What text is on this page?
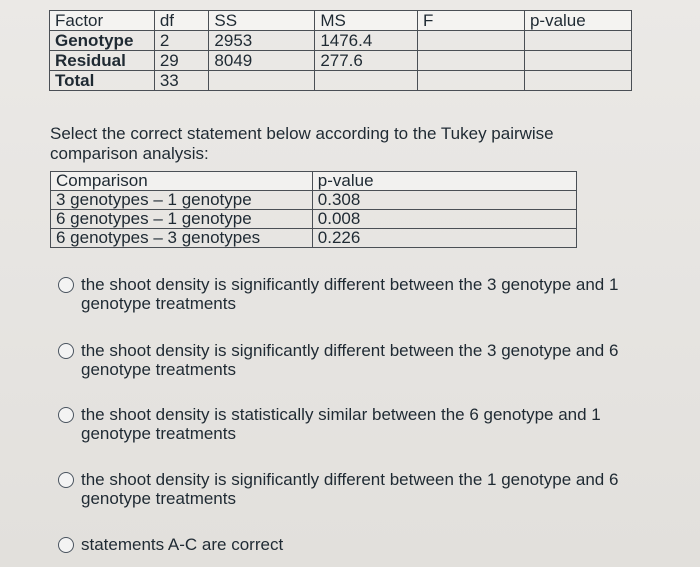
Factor	df	SS	MS	F	p-value
Genotype	2	2953	1476.4		
Residual	29	8049	277.6		
Total	33				
Select the correct statement below according to the Tukey pairwise comparison analysis:
Comparison	p-value
3 genotypes – 1 genotype	0.308
6 genotypes – 1 genotype	0.008
6 genotypes – 3 genotypes	0.226
the shoot density is significantly different between the 3 genotype and 1 genotype treatments
the shoot density is significantly different between the 3 genotype and 6 genotype treatments
the shoot density is statistically similar between the 6 genotype and 1 genotype treatments
the shoot density is significantly different between the 1 genotype and 6 genotype treatments
statements A-C are correct
